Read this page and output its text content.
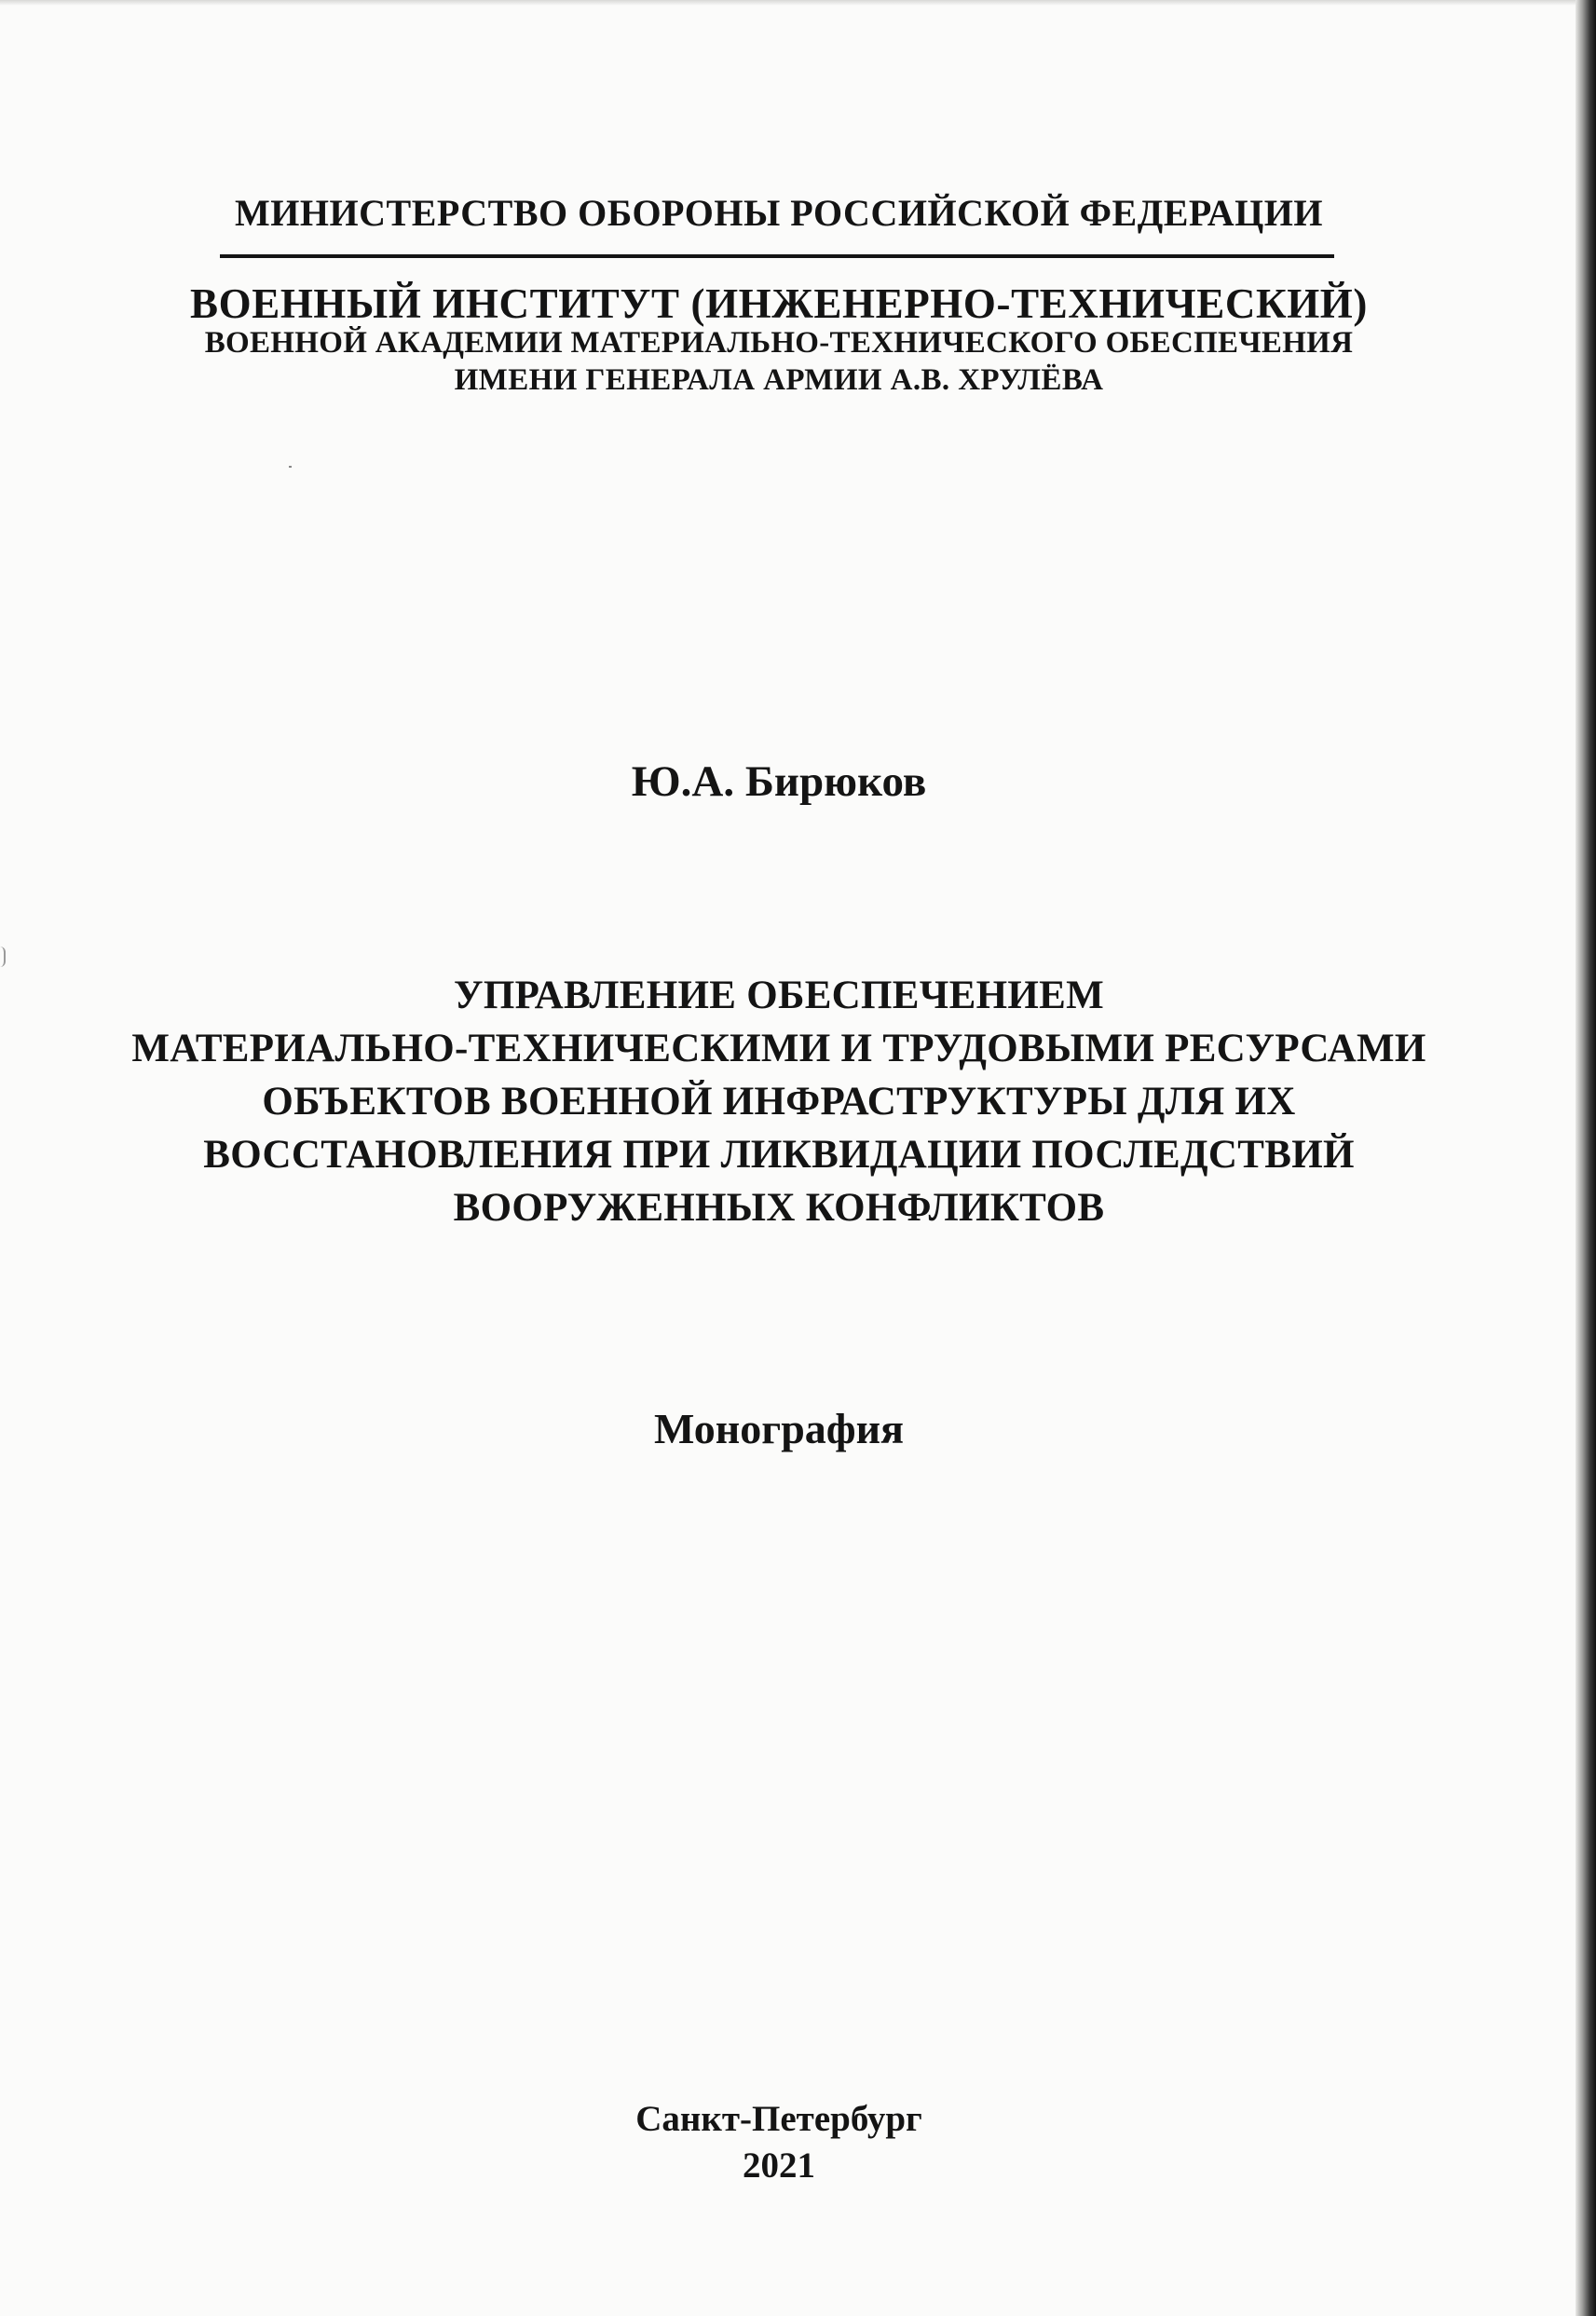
МИНИСТЕРСТВО ОБОРОНЫ РОССИЙСКОЙ ФЕДЕРАЦИИ
ВОЕННЫЙ ИНСТИТУТ (ИНЖЕНЕРНО-ТЕХНИЧЕСКИЙ)
ВОЕННОЙ АКАДЕМИИ МАТЕРИАЛЬНО-ТЕХНИЧЕСКОГО ОБЕСПЕЧЕНИЯ
ИМЕНИ ГЕНЕРАЛА АРМИИ А.В. ХРУЛЁВА
Ю.А. Бирюков
УПРАВЛЕНИЕ ОБЕСПЕЧЕНИЕМ
МАТЕРИАЛЬНО-ТЕХНИЧЕСКИМИ И ТРУДОВЫМИ РЕСУРСАМИ
ОБЪЕКТОВ ВОЕННОЙ ИНФРАСТРУКТУРЫ ДЛЯ ИХ
ВОССТАНОВЛЕНИЯ ПРИ ЛИКВИДАЦИИ ПОСЛЕДСТВИЙ
ВООРУЖЕННЫХ КОНФЛИКТОВ
Монография
Санкт-Петербург
2021
